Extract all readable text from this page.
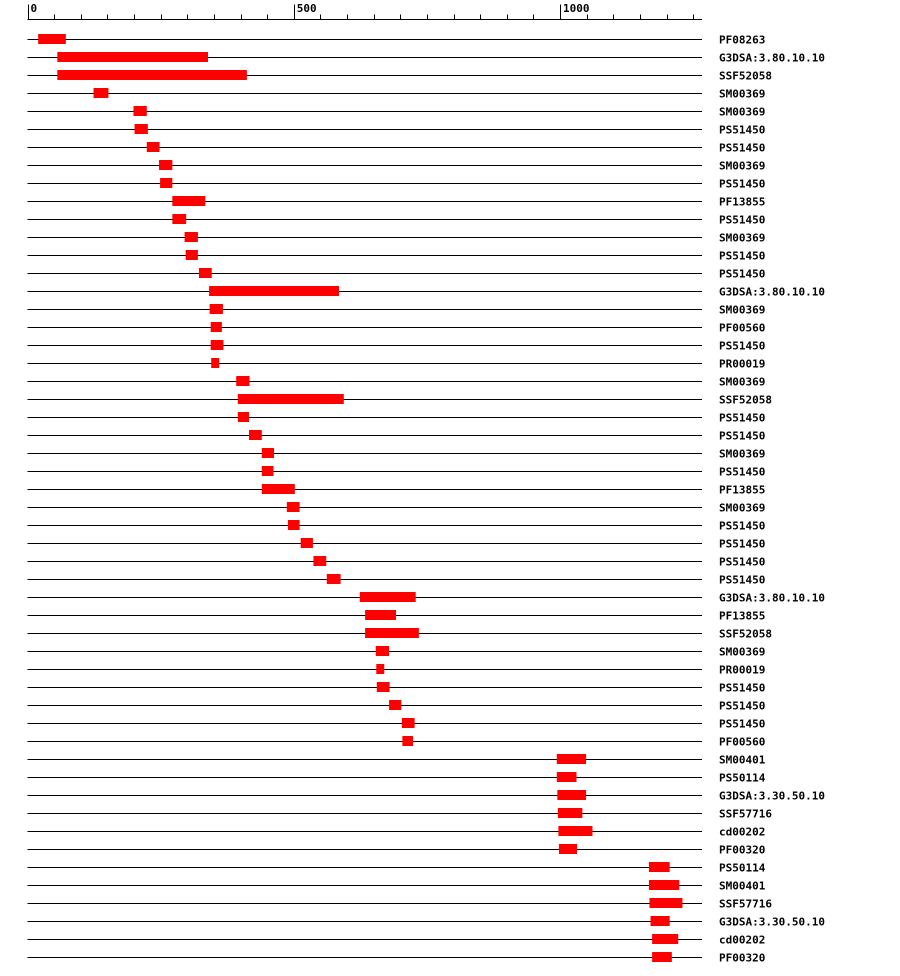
0	500	1000
PF08263
G3DSA:3.80.10.10
SSF52058
SM00369
SM00369
PS51450
PS51450
SM00369
PS51450
PF13855
PS51450
SM00369
PS51450
PS51450
G3DSA:3.80.10.10
SM00369
PF00560
PS51450
PR00019
SM00369
SSF52058
PS51450
PS51450
SM00369
PS51450
PF13855
SM00369
PS51450
PS51450
PS51450
PS51450
G3DSA:3.80.10.10
PF13855
SSF52058
SM00369
PR00019
PS51450
PS51450
PS51450
PF00560
SM00401
PS50114
G3DSA:3.30.50.10
SSF57716
cd00202
PF00320
PS50114
SM00401
SSF57716
G3DSA:3.30.50.10
cd00202
PF00320
